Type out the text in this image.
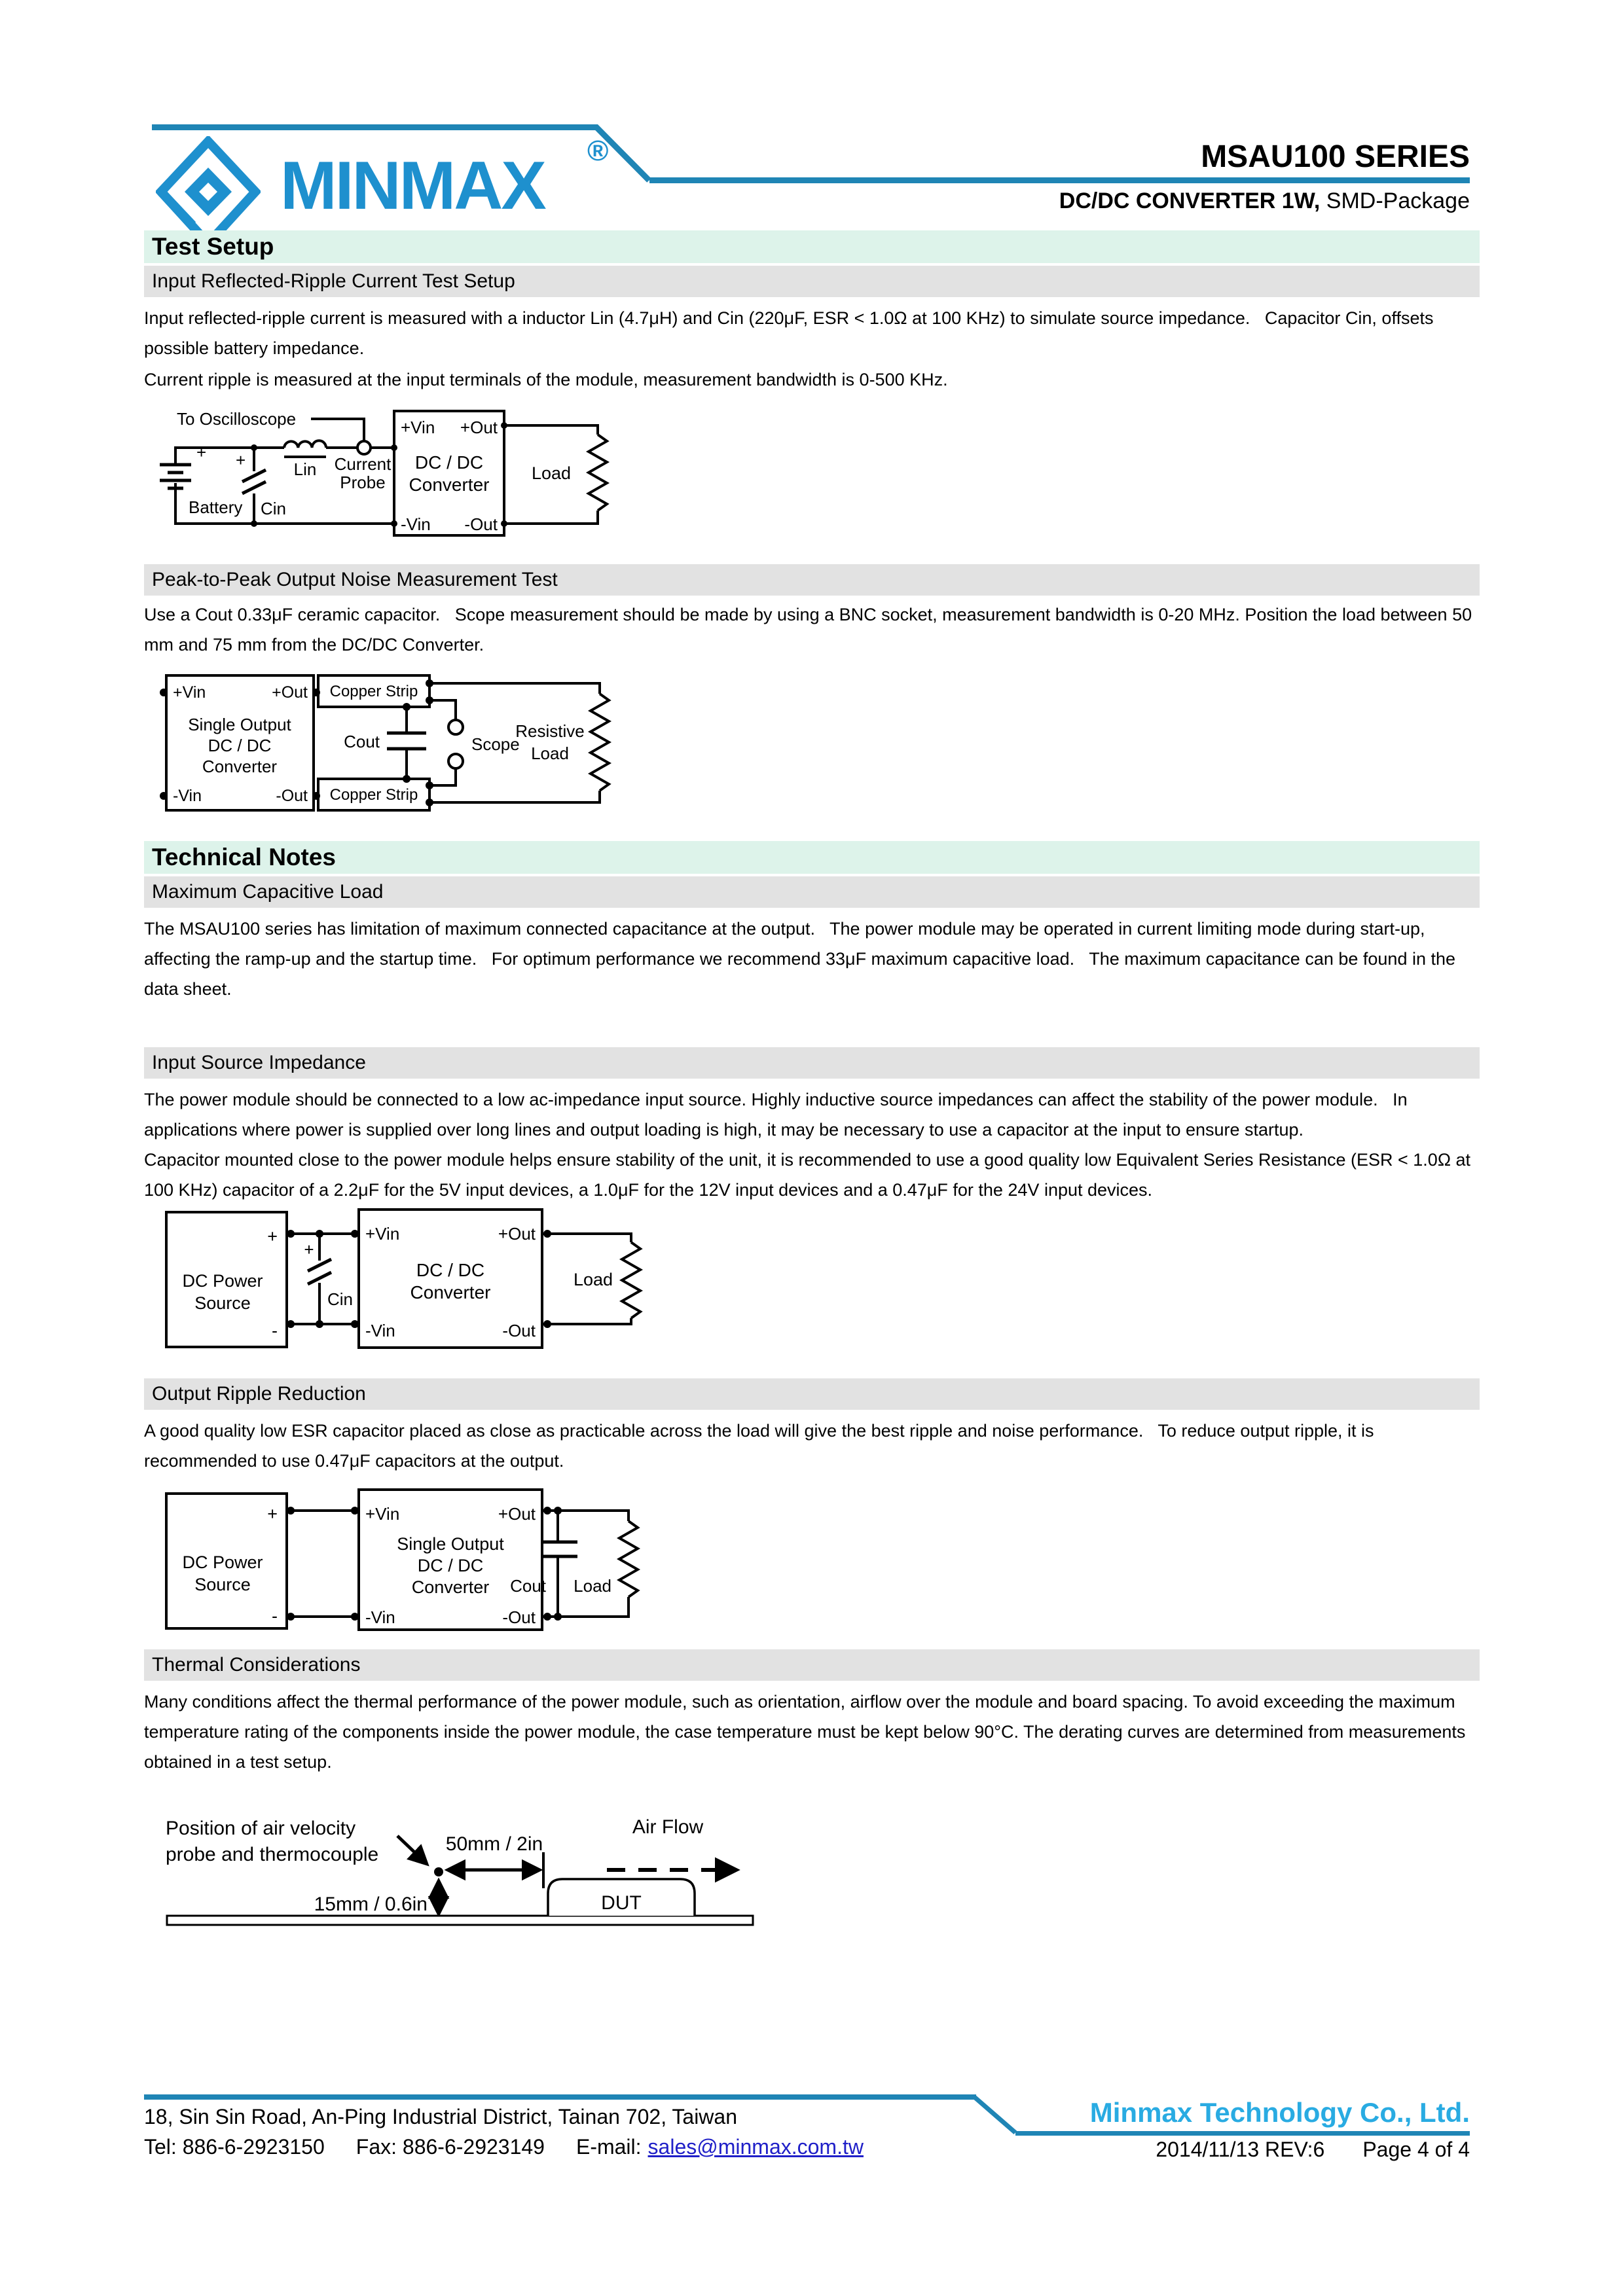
MINMAX ®	MSAU100 SERIES
DC/DC CONVERTER 1W, SMD-Package
Test Setup
Input Reflected-Ripple Current Test Setup
Input reflected-ripple current is measured with a inductor Lin (4.7μH) and Cin (220μF, ESR < 1.0Ω at 100 KHz) to simulate source impedance.   Capacitor Cin, offsets possible battery impedance.
Current ripple is measured at the input terminals of the module, measurement bandwidth is 0-500 KHz.
To Oscilloscope
+
Battery
+
Cin
Lin Current
Probe
+Vin +Out
-Vin -Out
DC / DC
Converter
Load
Peak-to-Peak Output Noise Measurement Test
Use a Cout 0.33μF ceramic capacitor.   Scope measurement should be made by using a BNC socket, measurement bandwidth is 0-20 MHz. Position the load between 50 mm and 75 mm from the DC/DC Converter.
+Vin	+Out
-Vin	-Out
Single Output
DC / DC
Converter
Copper Strip
Copper Strip
Cout	Scope
Resistive
Load
Technical Notes
Maximum Capacitive Load
The MSAU100 series has limitation of maximum connected capacitance at the output.   The power module may be operated in current limiting mode during start-up, affecting the ramp-up and the startup time.   For optimum performance we recommend 33μF maximum capacitive load.   The maximum capacitance can be found in the data sheet.
Input Source Impedance
The power module should be connected to a low ac-impedance input source. Highly inductive source impedances can affect the stability of the power module.   In applications where power is supplied over long lines and output loading is high, it may be necessary to use a capacitor at the input to ensure startup.
Capacitor mounted close to the power module helps ensure stability of the unit, it is recommended to use a good quality low Equivalent Series Resistance (ESR < 1.0Ω at 100 KHz) capacitor of a 2.2μF for the 5V input devices, a 1.0μF for the 12V input devices and a 0.47μF for the 24V input devices.
+
-
DC Power
Source
+
Cin
+Vin	+Out
-Vin	-Out
DC / DC
Converter
Load
Output Ripple Reduction
A good quality low ESR capacitor placed as close as practicable across the load will give the best ripple and noise performance.   To reduce output ripple, it is recommended to use 0.47μF capacitors at the output.
+
-
DC Power
Source
+Vin	+Out
-Vin	-Out
Single Output
DC / DC
Converter Cout Load
Thermal Considerations
Many conditions affect the thermal performance of the power module, such as orientation, airflow over the module and board spacing. To avoid exceeding the maximum temperature rating of the components inside the power module, the case temperature must be kept below 90°C. The derating curves are determined from measurements obtained in a test setup.
Position of air velocity
probe and thermocouple	50mm / 2in
15mm / 0.6in
Air Flow
DUT
18, Sin Sin Road, An-Ping Industrial District, Tainan 702, Taiwan
Tel: 886-6-2923150 Fax: 886-6-2923149 E-mail: sales@minmax.com.tw
Minmax Technology Co., Ltd.
2014/11/13 REV:6 Page 4 of 4
